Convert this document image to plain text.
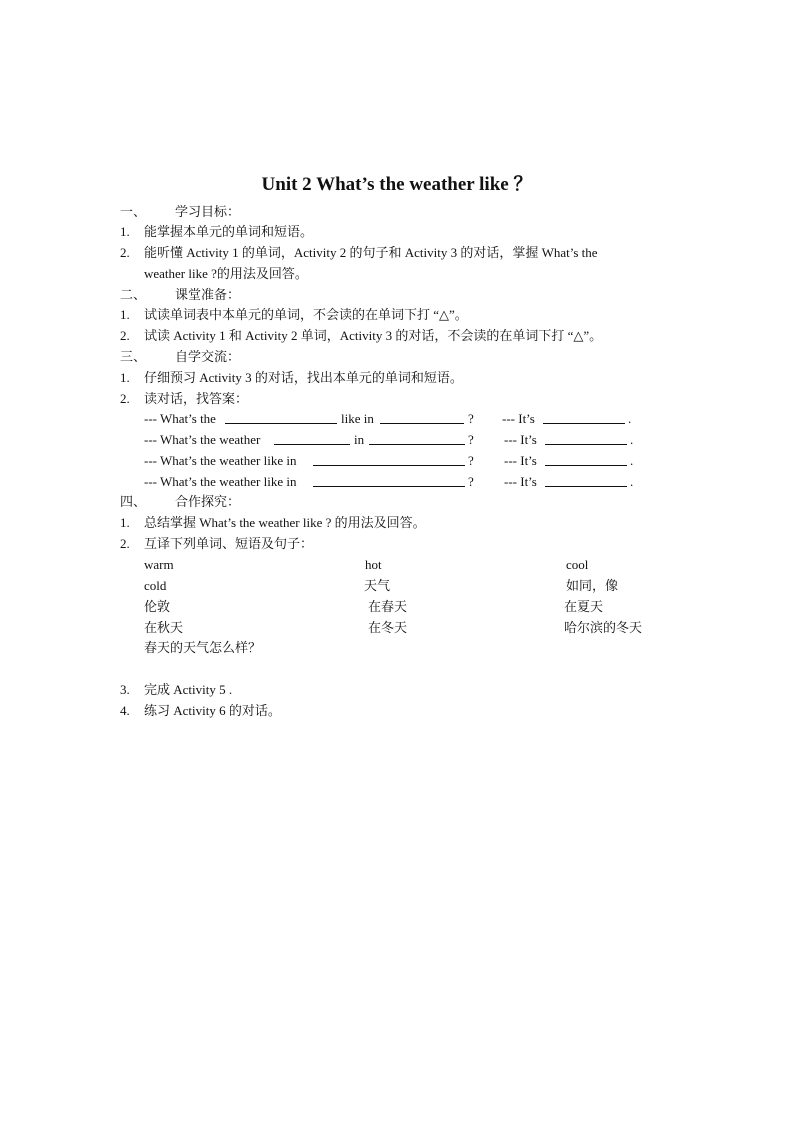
Unit 2 What’s the weather like ？
一、 学习目标：
1. 能掌握本单元的单词和短语。
2. 能听懂 Activity 1 的单词，Activity 2 的句子和 Activity 3 的对话，掌握 What’s the
weather like ?的用法及回答。
二、 课堂准备：
1. 试读单词表中本单元的单词，不会读的在单词下打 “△”。
2. 试读 Activity 1 和 Activity 2 单词，Activity 3 的对话，不会读的在单词下打 “△”。
三、 自学交流：
1. 仔细预习 Activity 3 的对话，找出本单元的单词和短语。
2. 读对话，找答案：
--- What’s the	like in	? --- It’s	.
--- What’s the weather	in	? --- It’s	.
--- What’s the weather like in	? --- It’s	.
--- What’s the weather like in	? --- It’s	.
四、 合作探究：
1. 总结掌握 What’s the weather like ? 的用法及回答。
2. 互译下列单词、短语及句子：
warm	hot	cool
cold	天气	如同，像
伦敦	在春天	在夏天
在秋天	在冬天	哈尔滨的冬天
春天的天气怎么样？
3. 完成 Activity 5 .
4. 练习 Activity 6 的对话。
